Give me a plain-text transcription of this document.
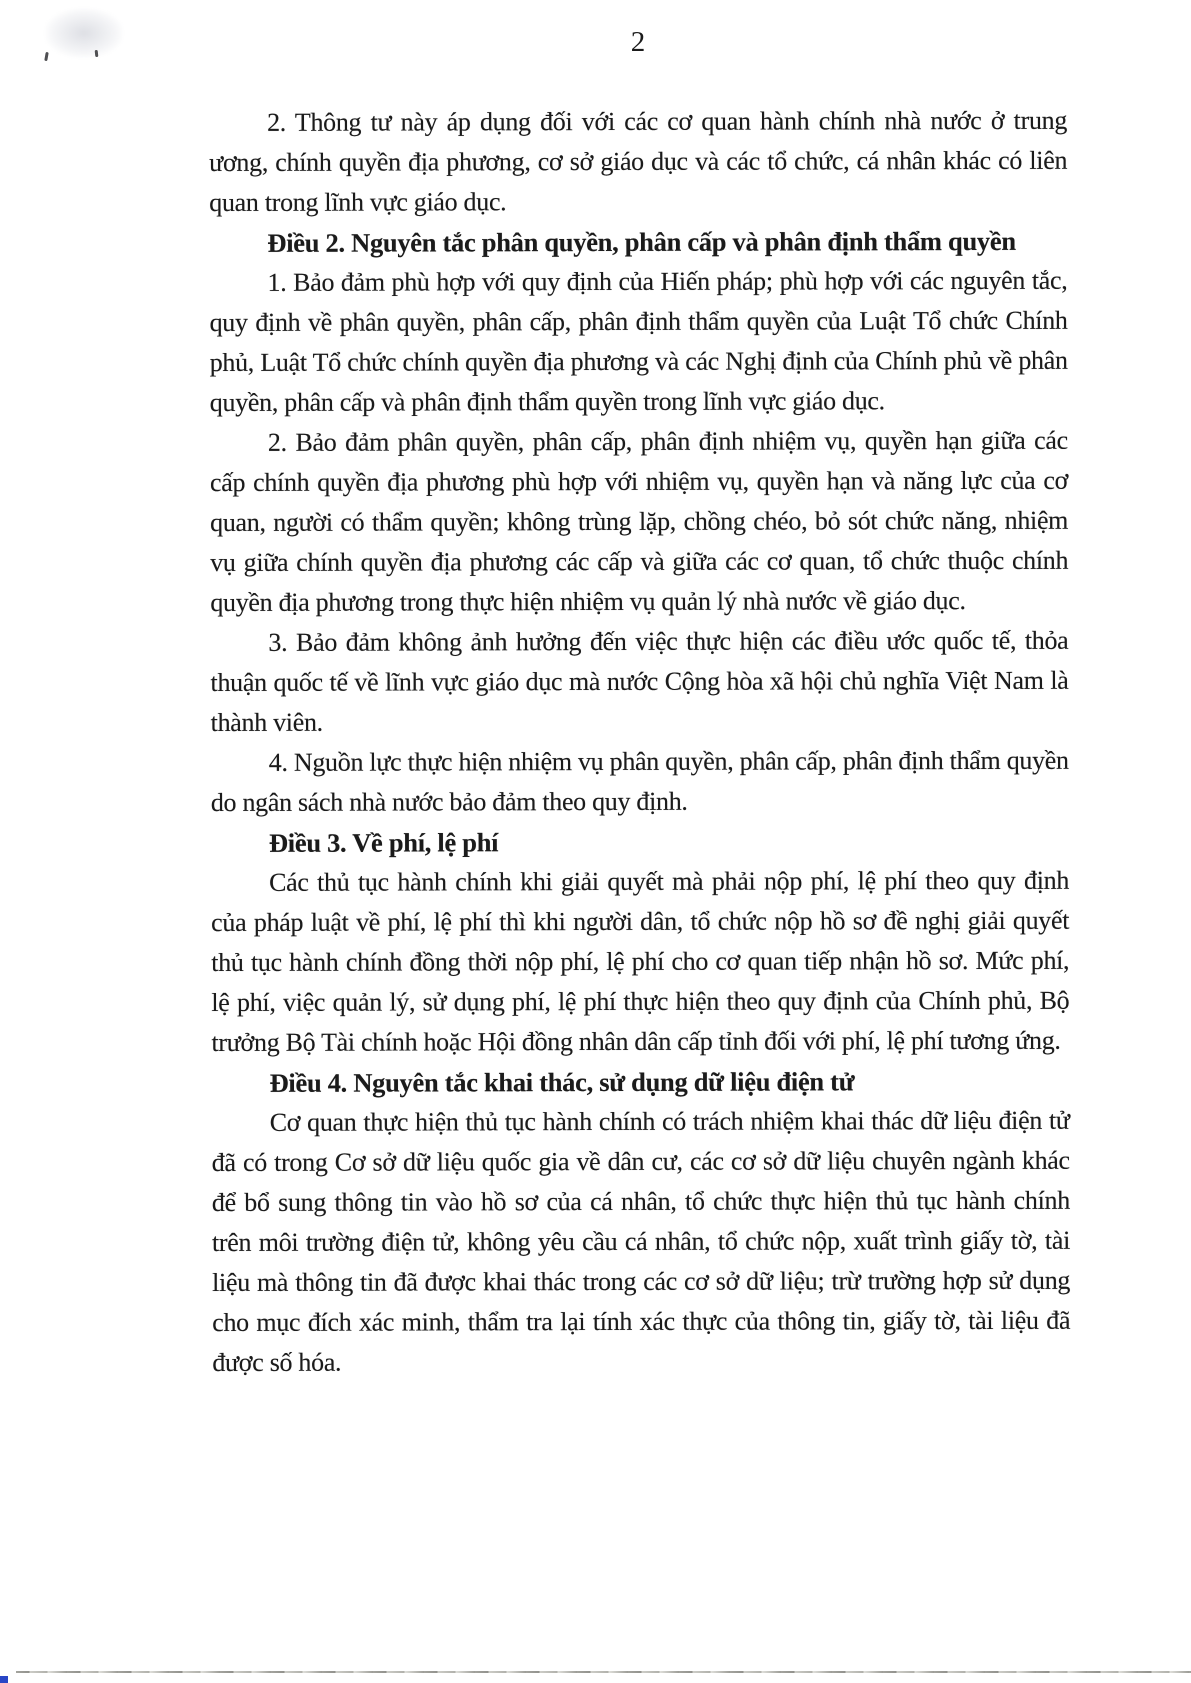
2

2. Thông tư này áp dụng đối với các cơ quan hành chính nhà nước ở trung ương, chính quyền địa phương, cơ sở giáo dục và các tổ chức, cá nhân khác có liên quan trong lĩnh vực giáo dục.

Điều 2. Nguyên tắc phân quyền, phân cấp và phân định thẩm quyền

1. Bảo đảm phù hợp với quy định của Hiến pháp; phù hợp với các nguyên tắc, quy định về phân quyền, phân cấp, phân định thẩm quyền của Luật Tổ chức Chính phủ, Luật Tổ chức chính quyền địa phương và các Nghị định của Chính phủ về phân quyền, phân cấp và phân định thẩm quyền trong lĩnh vực giáo dục.

2. Bảo đảm phân quyền, phân cấp, phân định nhiệm vụ, quyền hạn giữa các cấp chính quyền địa phương phù hợp với nhiệm vụ, quyền hạn và năng lực của cơ quan, người có thẩm quyền; không trùng lặp, chồng chéo, bỏ sót chức năng, nhiệm vụ giữa chính quyền địa phương các cấp và giữa các cơ quan, tổ chức thuộc chính quyền địa phương trong thực hiện nhiệm vụ quản lý nhà nước về giáo dục.

3. Bảo đảm không ảnh hưởng đến việc thực hiện các điều ước quốc tế, thỏa thuận quốc tế về lĩnh vực giáo dục mà nước Cộng hòa xã hội chủ nghĩa Việt Nam là thành viên.

4. Nguồn lực thực hiện nhiệm vụ phân quyền, phân cấp, phân định thẩm quyền do ngân sách nhà nước bảo đảm theo quy định.

Điều 3. Về phí, lệ phí

Các thủ tục hành chính khi giải quyết mà phải nộp phí, lệ phí theo quy định của pháp luật về phí, lệ phí thì khi người dân, tổ chức nộp hồ sơ đề nghị giải quyết thủ tục hành chính đồng thời nộp phí, lệ phí cho cơ quan tiếp nhận hồ sơ. Mức phí, lệ phí, việc quản lý, sử dụng phí, lệ phí thực hiện theo quy định của Chính phủ, Bộ trưởng Bộ Tài chính hoặc Hội đồng nhân dân cấp tỉnh đối với phí, lệ phí tương ứng.

Điều 4. Nguyên tắc khai thác, sử dụng dữ liệu điện tử

Cơ quan thực hiện thủ tục hành chính có trách nhiệm khai thác dữ liệu điện tử đã có trong Cơ sở dữ liệu quốc gia về dân cư, các cơ sở dữ liệu chuyên ngành khác để bổ sung thông tin vào hồ sơ của cá nhân, tổ chức thực hiện thủ tục hành chính trên môi trường điện tử, không yêu cầu cá nhân, tổ chức nộp, xuất trình giấy tờ, tài liệu mà thông tin đã được khai thác trong các cơ sở dữ liệu; trừ trường hợp sử dụng cho mục đích xác minh, thẩm tra lại tính xác thực của thông tin, giấy tờ, tài liệu đã được số hóa.
